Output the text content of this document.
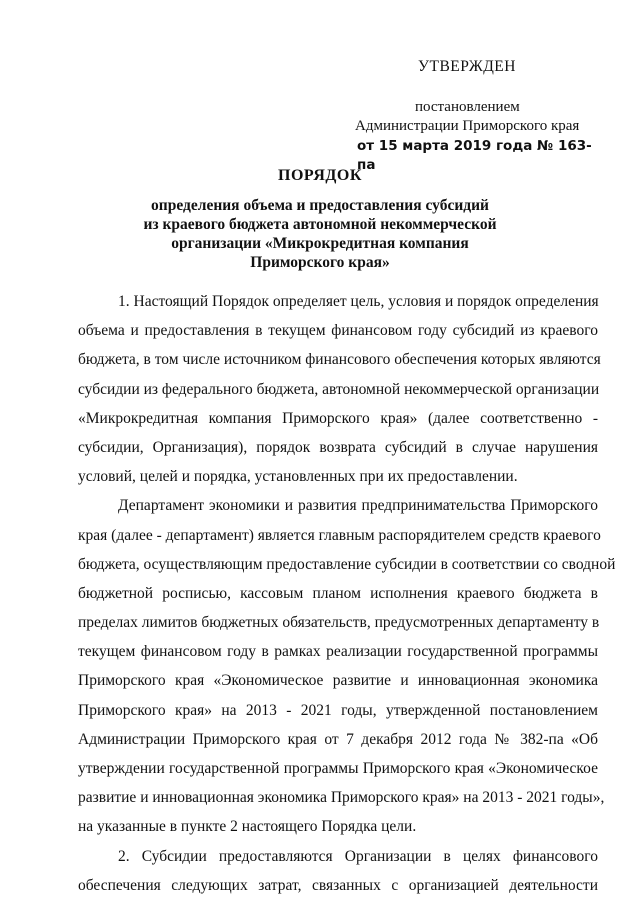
УТВЕРЖДЕН
постановлением
Администрации Приморского края
от 15 марта 2019 года № 163-па
ПОРЯДОК
определения объема и предоставления субсидий
из краевого бюджета автономной некоммерческой
организации «Микрокредитная компания
Приморского края»
1. Настоящий Порядок определяет цель, условия и порядок определения
объема и предоставления в текущем финансовом году субсидий из краевого
бюджета, в том числе источником финансового обеспечения которых являются
субсидии из федерального бюджета, автономной некоммерческой организации
«Микрокредитная компания Приморского края» (далее соответственно -
субсидии, Организация), порядок возврата субсидий в случае нарушения
условий, целей и порядка, установленных при их предоставлении.
Департамент экономики и развития предпринимательства Приморского
края (далее - департамент) является главным распорядителем средств краевого
бюджета, осуществляющим предоставление субсидии в соответствии со сводной
бюджетной росписью, кассовым планом исполнения краевого бюджета в
пределах лимитов бюджетных обязательств, предусмотренных департаменту в
текущем финансовом году в рамках реализации государственной программы
Приморского края «Экономическое развитие и инновационная экономика
Приморского края» на 2013 - 2021 годы, утвержденной постановлением
Администрации Приморского края от 7 декабря 2012 года № 382-па «Об
утверждении государственной программы Приморского края «Экономическое
развитие и инновационная экономика Приморского края» на 2013 - 2021 годы»,
на указанные в пункте 2 настоящего Порядка цели.
2. Субсидии предоставляются Организации в целях финансового
обеспечения следующих затрат, связанных с организацией деятельности
